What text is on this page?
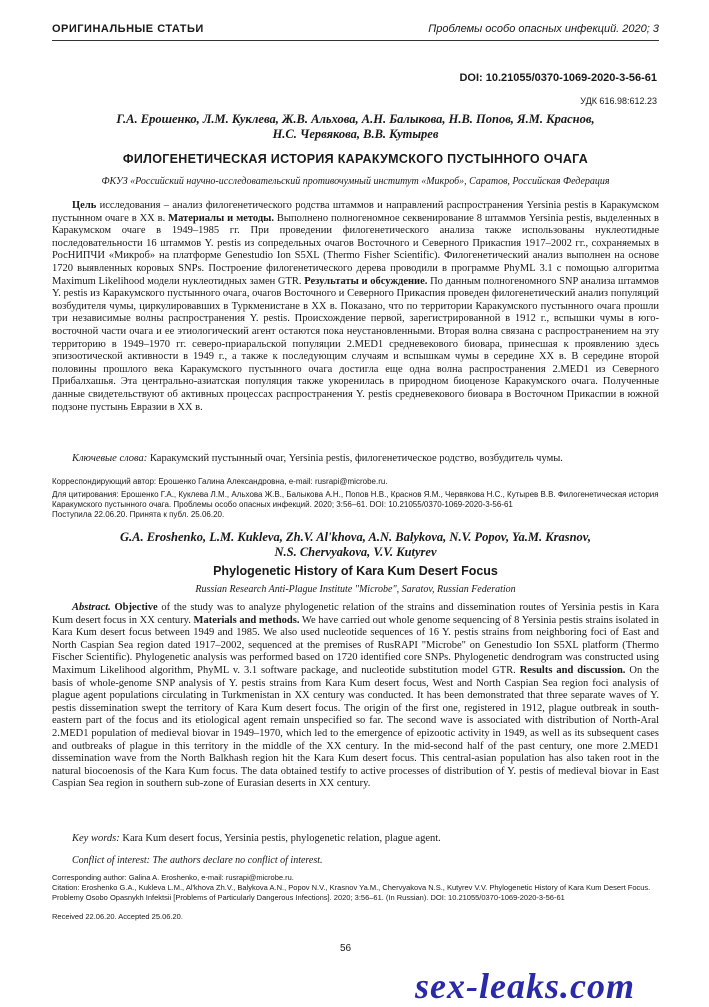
ОРИГИНАЛЬНЫЕ СТАТЬИ	Проблемы особо опасных инфекций. 2020; 3
DOI: 10.21055/0370-1069-2020-3-56-61
УДК 616.98:612.23
Г.А. Ерошенко, Л.М. Куклева, Ж.В. Альхова, А.Н. Балыкова, Н.В. Попов, Я.М. Краснов,
Н.С. Червякова, В.В. Кутырев
ФИЛОГЕНЕТИЧЕСКАЯ ИСТОРИЯ КАРАКУМСКОГО ПУСТЫННОГО ОЧАГА
ФКУЗ «Российский научно-исследовательский противочумный институт «Микроб», Саратов, Российская Федерация

Цель исследования – анализ филогенетического родства штаммов и направлений распространения Yersinia pestis в Каракумском пустынном очаге в XX в. Материалы и методы. Выполнено полногеномное секвенирование 8 штаммов Yersinia pestis, выделенных в Каракумском очаге в 1949–1985 гг. При проведении филогенетического анализа также использованы нуклеотидные последовательности 16 штаммов Y. pestis из сопредельных очагов Восточного и Северного Прикаспия 1917–2002 гг., сохраняемых в РосНИПЧИ «Микроб» на платформе Genestudio Ion S5XL (Thermo Fisher Scientific). Филогенетический анализ выполнен на основе 1720 выявленных коровых SNPs. Построение филогенетического дерева проводили в программе PhyML 3.1 с помощью алгоритма Maximum Likelihood модели нуклеотидных замен GTR. Результаты и обсуждение. По данным полногеномного SNP анализа штаммов Y. pestis из Каракумского пустынного очага, очагов Восточного и Северного Прикаспия проведен филогенетический анализ популяций возбудителя чумы, циркулировавших в Туркменистане в XX в. Показано, что по территории Каракумского пустынного очага прошли три независимые волны распространения Y. pestis. Происхождение первой, зарегистрированной в 1912 г., вспышки чумы в юго-восточной части очага и ее этиологический агент остаются пока неустановленными. Вторая волна связана с распространением на эту территорию в 1949–1970 гг. северо-приаральской популяции 2.MED1 средневекового биовара, принесшая к проявлению здесь эпизоотической активности в 1949 г., а также к последующим случаям и вспышкам чумы в середине XX в. В середине второй половины прошлого века Каракумского пустынного очага достигла еще одна волна распространения 2.MED1 из Северного Прибалхашья. Эта центрально-азиатская популяция также укоренилась в природном биоценозе Каракумского очага. Полученные данные свидетельствуют об активных процессах распространения Y. pestis средневекового биовара в Восточном Прикаспии в южной подзоне пустынь Евразии в XX в.

Ключевые слова: Каракумский пустынный очаг, Yersinia pestis, филогенетическое родство, возбудитель чумы.

Корреспондирующий автор: Ерошенко Галина Александровна, e-mail: rusrapi@microbe.ru.

Для цитирования: Ерошенко Г.А., Куклева Л.М., Альхова Ж.В., Балыкова А.Н., Попов Н.В., Краснов Я.М., Червякова Н.С., Кутырев В.В. Филогенетическая история Каракумского пустынного очага. Проблемы особо опасных инфекций. 2020; 3:56–61. DOI: 10.21055/0370-1069-2020-3-56-61

Поступила 22.06.20. Принята к публ. 25.06.20.

G.A. Eroshenko, L.M. Kukleva, Zh.V. Al'khova, A.N. Balykova, N.V. Popov, Ya.M. Krasnov,
N.S. Chervyakova, V.V. Kutyrev
Phylogenetic History of Kara Kum Desert Focus
Russian Research Anti-Plague Institute "Microbe", Saratov, Russian Federation

Abstract. Objective of the study was to analyze phylogenetic relation of the strains and dissemination routes of Yersinia pestis in Kara Kum desert focus in XX century. Materials and methods. We have carried out whole genome sequencing of 8 Yersinia pestis strains isolated in Kara Kum desert focus between 1949 and 1985. We also used nucleotide sequences of 16 Y. pestis strains from neighboring foci of East and North Caspian Sea region dated 1917–2002, sequenced at the premises of RusRAPI "Microbe" on Genestudio Ion S5XL platform (Thermo Fischer Scientific). Phylogenetic analysis was performed based on 1720 identified core SNPs. Phylogenetic dendrogram was constructed using Maximum Likelihood algorithm, PhyML v. 3.1 software package, and nucleotide substitution model GTR. Results and discussion. On the basis of whole-genome SNP analysis of Y. pestis strains from Kara Kum desert focus, West and North Caspian Sea region foci analysis of plague agent populations circulating in Turkmenistan in XX century was conducted. It has been demonstrated that three separate waves of Y. pestis dissemination swept the territory of Kara Kum desert focus. The origin of the first one, registered in 1912, plague outbreak in south-eastern part of the focus and its etiological agent remain unspecified so far. The second wave is associated with distribution of North-Aral 2.MED1 population of medieval biovar in 1949–1970, which led to the emergence of epizootic activity in 1949, as well as its subsequent cases and outbreaks of plague in this territory in the middle of the XX century. In the mid-second half of the past century, one more 2.MED1 dissemination wave from the North Balkhash region hit the Kara Kum desert focus. This central-asian population has also taken root in the natural biocoenosis of the Kara Kum focus. The data obtained testify to active processes of distribution of Y. pestis of medieval biovar in East Caspian Sea region in southern sub-zone of Eurasian deserts in XX century.

Key words: Kara Kum desert focus, Yersinia pestis, phylogenetic relation, plague agent.

Conflict of interest: The authors declare no conflict of interest.

Corresponding author: Galina A. Eroshenko, e-mail: rusrapi@microbe.ru.

Citation: Eroshenko G.A., Kukleva L.M., Al'khova Zh.V., Balykova A.N., Popov N.V., Krasnov Ya.M., Chervyakova N.S., Kutyrev V.V. Phylogenetic History of Kara Kum Desert Focus. Problemy Osobo Opasnykh Infektsii [Problems of Particularly Dangerous Infections]. 2020; 3:56–61. (In Russian). DOI: 10.21055/0370-1069-2020-3-56-61

Received 22.06.20. Accepted 25.06.20.

56
sex-leaks.com
